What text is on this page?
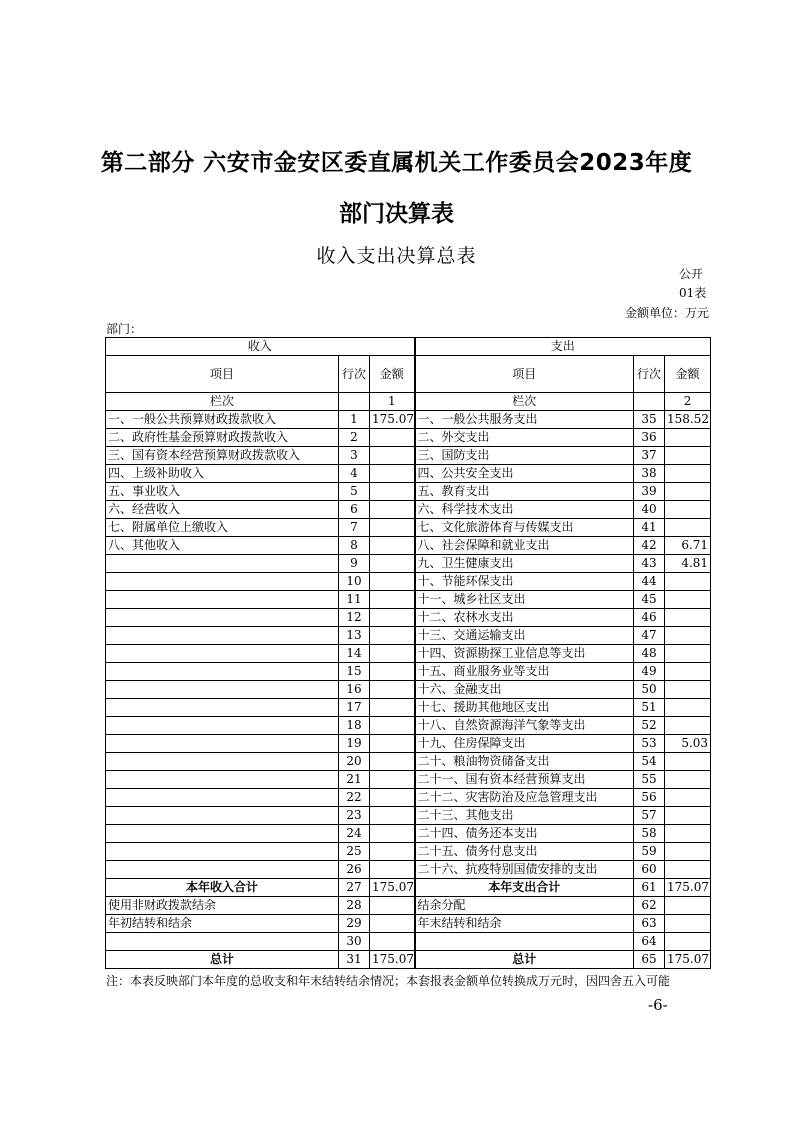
第二部分 六安市金安区委直属机关工作委员会2023年度
部门决算表
收入支出决算总表
公开01表
金额单位：万元
部门：
收入			支出		
项目	行次	金额	项目	行次	金额
栏次		1	栏次		2
一、一般公共预算财政拨款收入	1	175.07	一、一般公共服务支出	35	158.52
二、政府性基金预算财政拨款收入	2		二、外交支出	36	
三、国有资本经营预算财政拨款收入	3		三、国防支出	37	
四、上级补助收入	4		四、公共安全支出	38	
五、事业收入	5		五、教育支出	39	
六、经营收入	6		六、科学技术支出	40	
七、附属单位上缴收入	7		七、文化旅游体育与传媒支出	41	
八、其他收入	8		八、社会保障和就业支出	42	6.71
	9		九、卫生健康支出	43	4.81
	10		十、节能环保支出	44	
	11		十一、城乡社区支出	45	
	12		十二、农林水支出	46	
	13		十三、交通运输支出	47	
	14		十四、资源勘探工业信息等支出	48	
	15		十五、商业服务业等支出	49	
	16		十六、金融支出	50	
	17		十七、援助其他地区支出	51	
	18		十八、自然资源海洋气象等支出	52	
	19		十九、住房保障支出	53	5.03
	20		二十、粮油物资储备支出	54	
	21		二十一、国有资本经营预算支出	55	
	22		二十二、灾害防治及应急管理支出	56	
	23		二十三、其他支出	57	
	24		二十四、债务还本支出	58	
	25		二十五、债务付息支出	59	
	26		二十六、抗疫特别国债安排的支出	60	
本年收入合计	27	175.07	本年支出合计	61	175.07
使用非财政拨款结余	28		结余分配	62	
年初结转和结余	29		年末结转和结余	63	
	30			64	
总计	31	175.07	总计	65	175.07
注：本表反映部门本年度的总收支和年末结转结余情况；本套报表金额单位转换成万元时，因四舍五入可能
-6-
